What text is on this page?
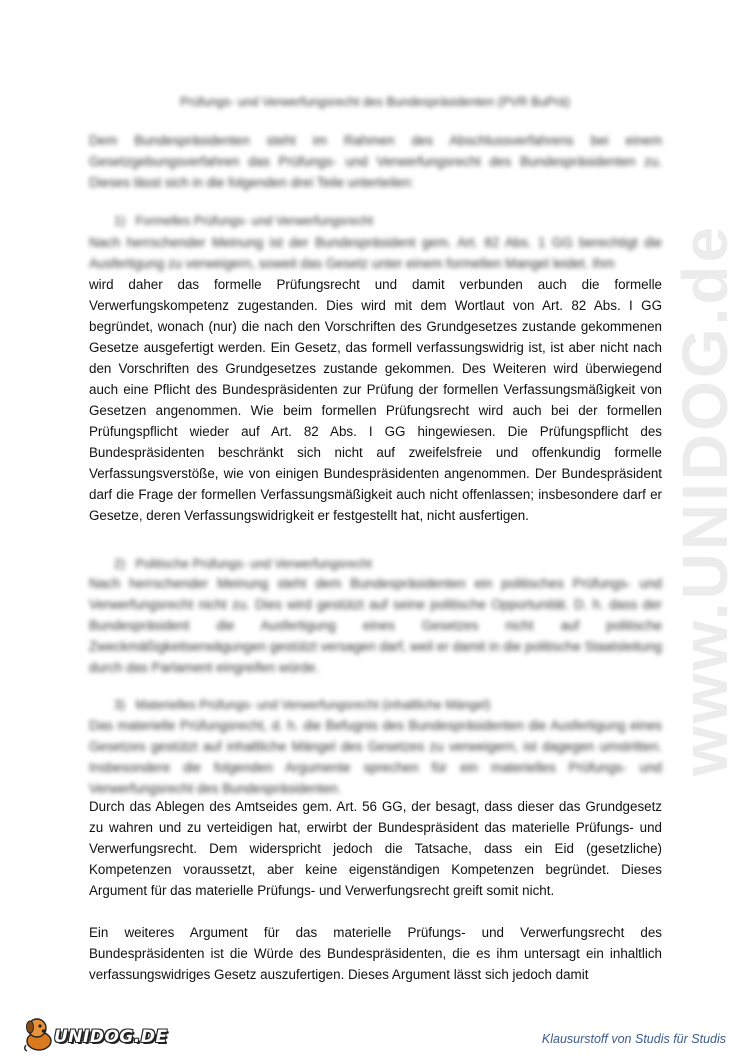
www.UNIDOG.de
Prüfungs- und Verwerfungsrecht des Bundespräsidenten (PVR BuPrä)

Dem Bundespräsidenten steht im Rahmen des Abschlussverfahrens bei einem Gesetzgebungsverfahren das Prüfungs- und Verwerfungsrecht des Bundespräsidenten zu. Dieses lässt sich in die folgenden drei Teile unterteilen:

1) Formelles Prüfungs- und Verwerfungsrecht

Nach herrschender Meinung ist der Bundespräsident gem. Art. 82 Abs. 1 GG berechtigt die Ausfertigung zu verweigern, soweit das Gesetz unter einem formellen Mangel leidet. Ihm

wird daher das formelle Prüfungsrecht und damit verbunden auch die formelle Verwerfungskompetenz zugestanden. Dies wird mit dem Wortlaut von Art. 82 Abs. I GG begründet, wonach (nur) die nach den Vorschriften des Grundgesetzes zustande gekommenen Gesetze ausgefertigt werden. Ein Gesetz, das formell verfassungswidrig ist, ist aber nicht nach den Vorschriften des Grundgesetzes zustande gekommen. Des Weiteren wird überwiegend auch eine Pflicht des Bundespräsidenten zur Prüfung der formellen Verfassungsmäßigkeit von Gesetzen angenommen. Wie beim formellen Prüfungsrecht wird auch bei der formellen Prüfungspflicht wieder auf Art. 82 Abs. I GG hingewiesen. Die Prüfungspflicht des Bundespräsidenten beschränkt sich nicht auf zweifelsfreie und offenkundig formelle Verfassungsverstöße, wie von einigen Bundespräsidenten angenommen. Der Bundespräsident darf die Frage der formellen Verfassungsmäßigkeit auch nicht offenlassen; insbesondere darf er Gesetze, deren Verfassungswidrigkeit er festgestellt hat, nicht ausfertigen.

2) Politische Prüfungs- und Verwerfungsrecht

Nach herrschender Meinung steht dem Bundespräsidenten ein politisches Prüfungs- und Verwerfungsrecht nicht zu. Dies wird gestützt auf seine politische Opportunität. D. h. dass der Bundespräsident die Ausfertigung eines Gesetzes nicht auf politische Zweckmäßigkeitserwägungen gestützt versagen darf, weil er damit in die politische Staatsleitung durch das Parlament eingreifen würde.

3) Materielles Prüfungs- und Verwerfungsrecht (inhaltliche Mängel)

Das materielle Prüfungsrecht, d. h. die Befugnis des Bundespräsidenten die Ausfertigung eines Gesetzes gestützt auf inhaltliche Mängel des Gesetzes zu verweigern, ist dagegen umstritten. Insbesondere die folgenden Argumente sprechen für ein materielles Prüfungs- und Verwerfungsrecht des Bundespräsidenten.

Durch das Ablegen des Amtseides gem. Art. 56 GG, der besagt, dass dieser das Grundgesetz zu wahren und zu verteidigen hat, erwirbt der Bundespräsident das materielle Prüfungs- und Verwerfungsrecht. Dem widerspricht jedoch die Tatsache, dass ein Eid (gesetzliche) Kompetenzen voraussetzt, aber keine eigenständigen Kompetenzen begründet. Dieses Argument für das materielle Prüfungs- und Verwerfungsrecht greift somit nicht.

Ein weiteres Argument für das materielle Prüfungs- und Verwerfungsrecht des Bundespräsidenten ist die Würde des Bundespräsidenten, die es ihm untersagt ein inhaltlich verfassungswidriges Gesetz auszufertigen. Dieses Argument lässt sich jedoch damit

UNIDOG.DE	Klausurstoff von Studis für Studis
